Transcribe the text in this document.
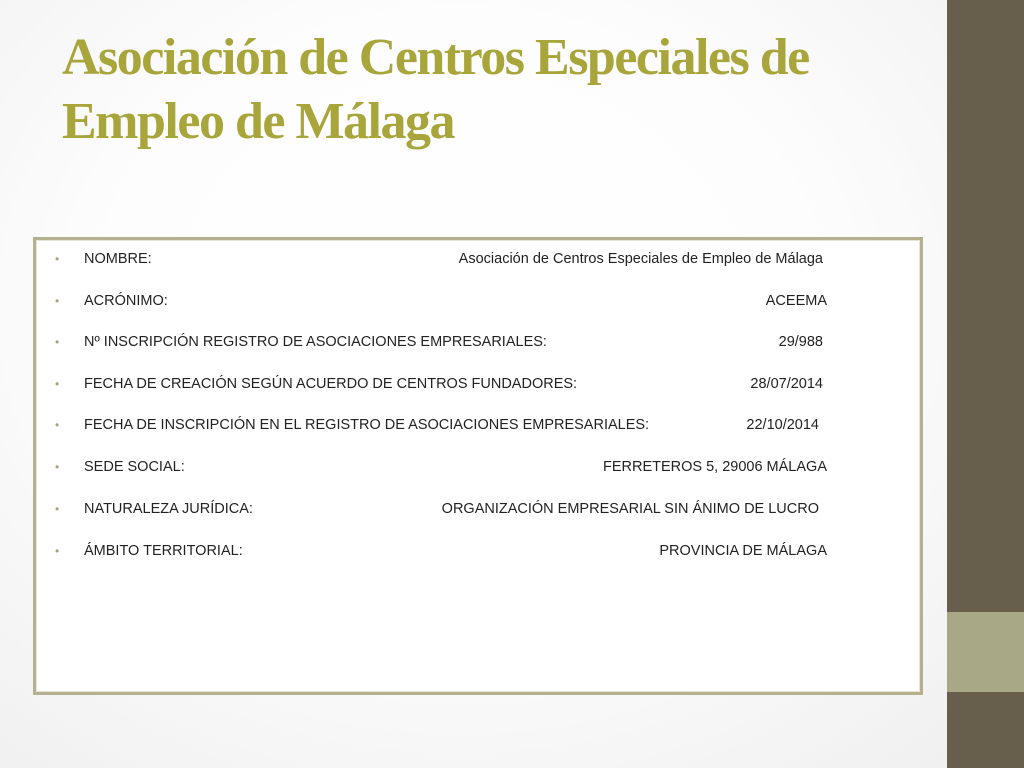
Asociación de Centros Especiales de Empleo de Málaga
• NOMBRE:	Asociación de Centros Especiales de Empleo de Málaga
• ACRÓNIMO:	ACEEMA
• Nº INSCRIPCIÓN REGISTRO DE ASOCIACIONES EMPRESARIALES:	29/988
• FECHA DE CREACIÓN SEGÚN ACUERDO DE CENTROS FUNDADORES:	28/07/2014
• FECHA DE INSCRIPCIÓN EN EL REGISTRO DE ASOCIACIONES EMPRESARIALES:	22/10/2014
• SEDE SOCIAL:	FERRETEROS 5, 29006 MÁLAGA
• NATURALEZA JURÍDICA:	ORGANIZACIÓN EMPRESARIAL SIN ÁNIMO DE LUCRO
• ÁMBITO TERRITORIAL:	PROVINCIA DE MÁLAGA
